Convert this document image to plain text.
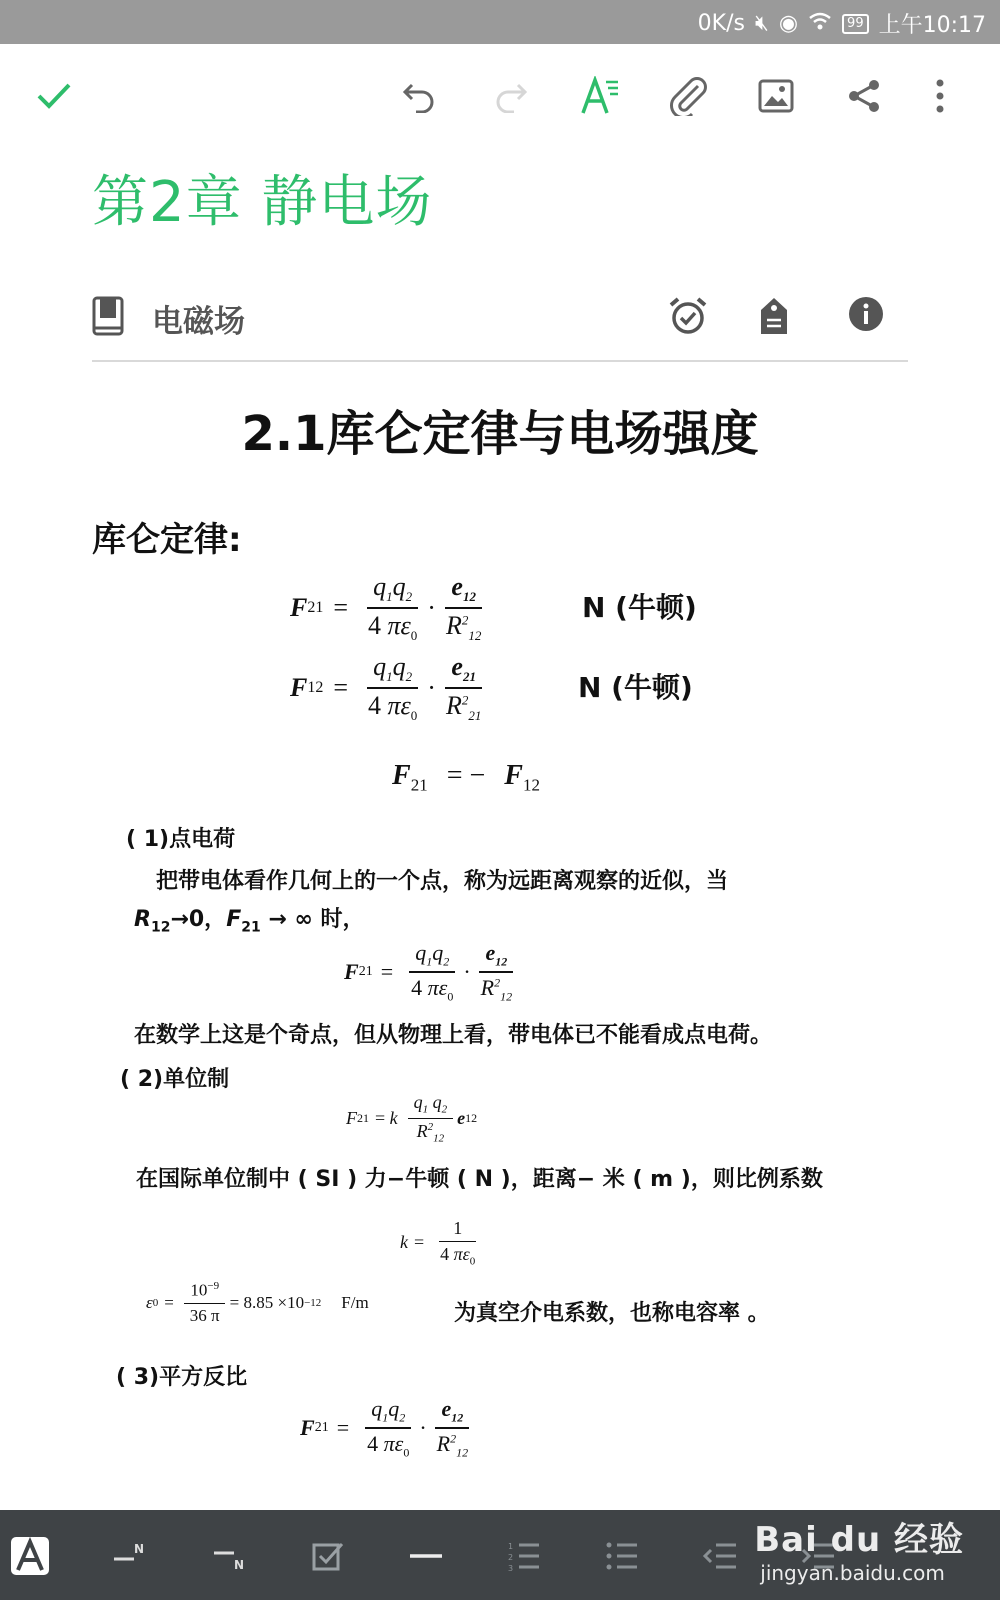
0K/s 🔇︎ ◉	99 上午10:17
第2章 静电场
电磁场
2.1库仑定律与电场强度
库仑定律:
F $21 = \frac{q_1q_2}{4 \pi\varepsilon_0} \cdot \frac{e_{12}}{R^2_{12}}$	N (牛顿)
F $12 = \frac{q_1q_2}{4 \pi\varepsilon_0} \cdot \frac{e_{21}}{R^2_{21}}$	N (牛顿)
$F_{21}$ = − $F_{12}$
( 1)点电荷
把带电体看作几何上的一个点，称为远距离观察的近似，当
$R_{12}\to 0$，$F_{21}$ → ∞ 时，
F $21 = \frac{q_1q_2}{4 \pi\varepsilon_0} \cdot \frac{e_{12}}{R^2_{12}}$
在数学上这是个奇点，但从物理上看，带电体已不能看成点电荷。
( 2)单位制
F 21 = k $\frac{q_1 q_2}{R^2_{12}}$ e 12
在国际单位制中 ( SI ) 力−牛顿 ( N )，距离− 米 ( m )，则比例系数
$k = \frac{1}{4 \pi\varepsilon_0}$
ε $0 = \frac{10^{-9}}{36 \pi} = 8.85 \times 10 -12$ F/m	为真空介电系数，也称电容率 。
( 3)平方反比
F $21 = \frac{q_1q_2}{4 \pi\varepsilon_0} \cdot \frac{e_{12}}{R^2_{12}}$
N
N
1
2
3
Bai du 经验
jingyan.baidu.com
